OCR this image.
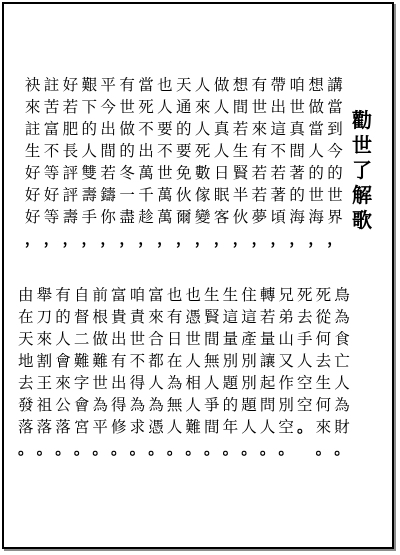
勸
世
了
解
歌
講
當
到
今
的
世
界
，
想
做
當
人
的
世
海
，
咱
世
真
間
著
的
海
，
帶
出
這
不
若
著
頃
，
有
世
來
有
若
若
夢
，
想
間
若
生
賢
半
伙
，
做
人
真
人
日
眠
客
，
人
來
人
死
數
傢
變
，
天
通
的
要
免
伙
爾
，
也
人
要
不
世
萬
萬
，
當
死
不
出
萬
千
趁
，
有
世
做
的
冬
一
盡
，
平
今
出
間
若
鑄
你
，
艱
下
的
人
雙
壽
手
，
好
若
肥
長
評
評
壽
，
註
苦
富
不
等
好
等
，
袂
來
註
生
好
好
好
，
鳥
為
食
亡
人
為
財
。
死
從
何
去
生
何
來
。
死
去
手
人
空
空
。
兄
弟
山
又
作
別
空
。
轉
若
量
讓
起
問
人
。
住
這
產
別
別
題
人
。
生
這
量
別
題
的
年
。
生
賢
間
無
人
爭
間
。
也
憑
世
人
相
人
難
。
也
有
日
在
為
無
人
。
富
來
合
都
人
為
憑
。
咱
責
世
不
得
為
求
。
富
貴
出
有
出
得
修
。
前
根
做
難
世
為
平
。
自
督
二
難
字
會
宮
。
有
的
人
會
來
公
落
。
舉
刀
來
割
王
祖
落
。
由
在
天
地
去
發
落
。
